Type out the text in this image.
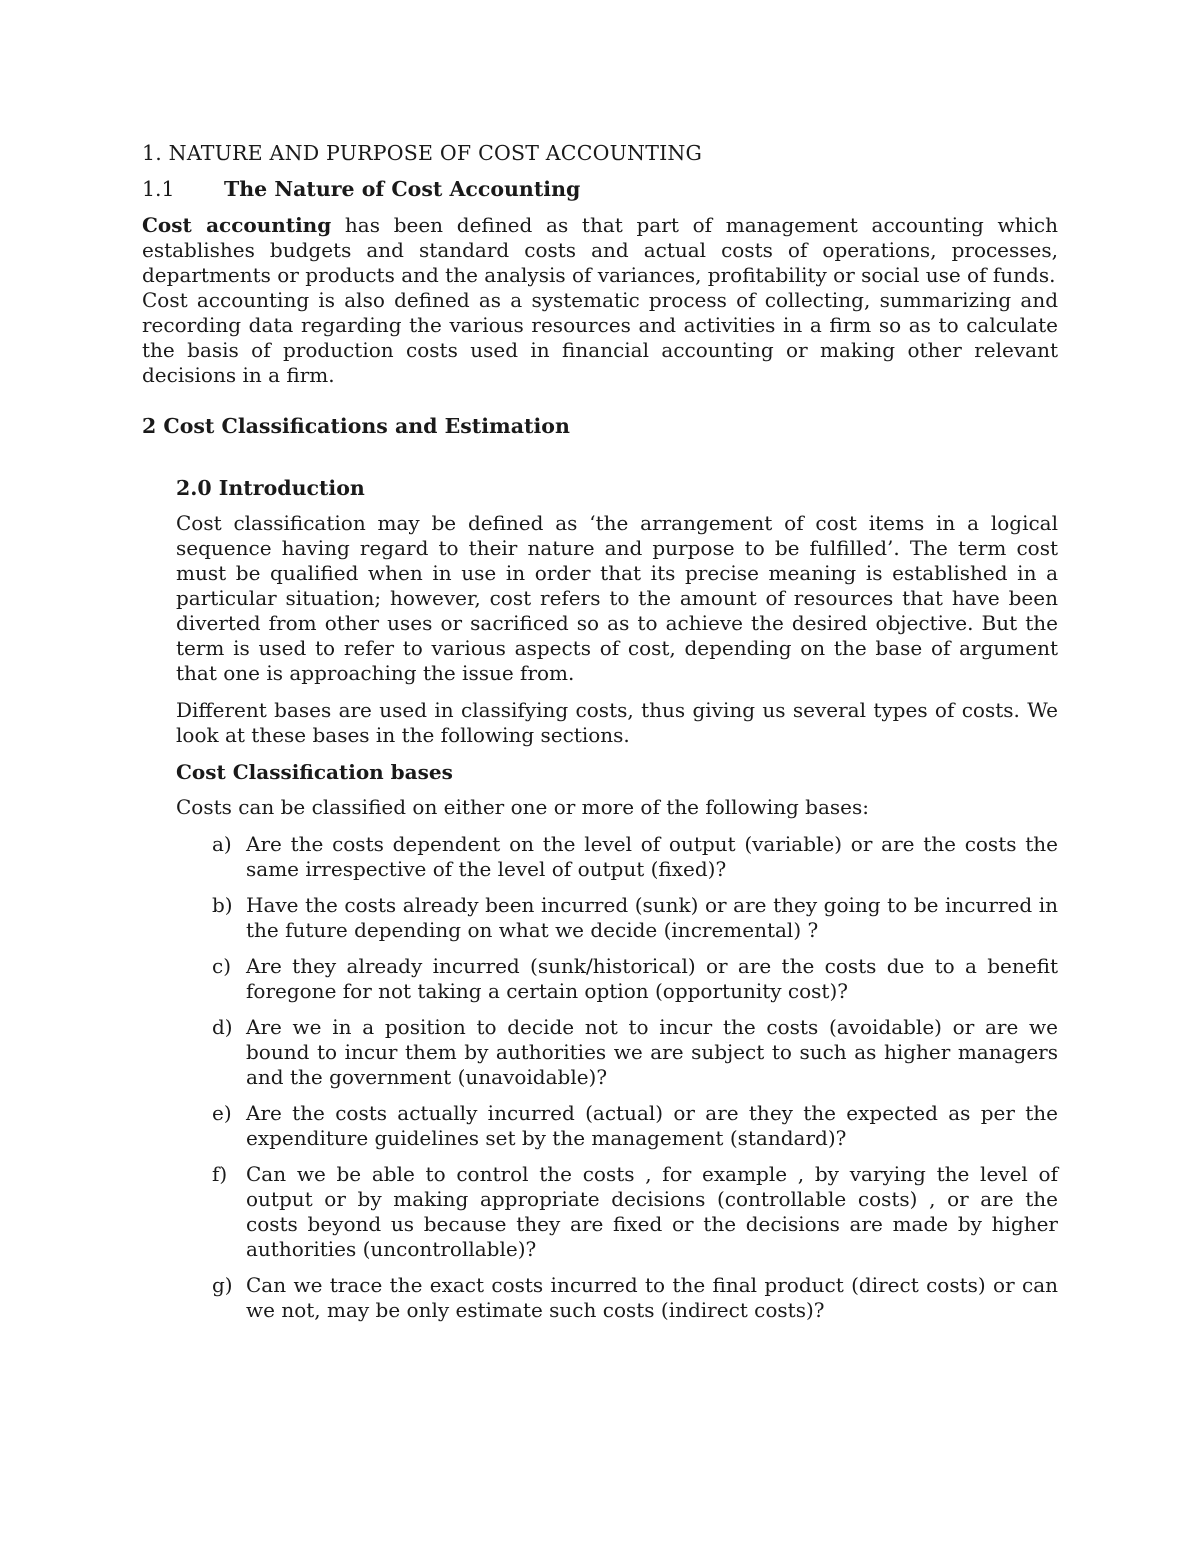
1. NATURE AND PURPOSE OF COST ACCOUNTING
1.1 The Nature of Cost Accounting

Cost accounting has been defined as that part of management accounting which establishes budgets and standard costs and actual costs of operations, processes, departments or products and the analysis of variances, profitability or social use of funds.

Cost accounting is also defined as a systematic process of collecting, summarizing and recording data regarding the various resources and activities in a firm so as to calculate the basis of production costs used in financial accounting or making other relevant decisions in a firm.

2 Cost Classifications and Estimation
2.0 Introduction

Cost classification may be defined as ‘the arrangement of cost items in a logical sequence having regard to their nature and purpose to be fulfilled’. The term cost must be qualified when in use in order that its precise meaning is established in a particular situation; however, cost refers to the amount of resources that have been diverted from other uses or sacrificed so as to achieve the desired objective. But the term is used to refer to various aspects of cost, depending on the base of argument that one is approaching the issue from.

Different bases are used in classifying costs, thus giving us several types of costs. We look at these bases in the following sections.

Cost Classification bases

Costs can be classified on either one or more of the following bases:

a) Are the costs dependent on the level of output (variable) or are the costs the same irrespective of the level of output (fixed)?
b) Have the costs already been incurred (sunk) or are they going to be incurred in the future depending on what we decide (incremental) ?
c) Are they already incurred (sunk/historical) or are the costs due to a benefit foregone for not taking a certain option (opportunity cost)?
d) Are we in a position to decide not to incur the costs (avoidable) or are we bound to incur them by authorities we are subject to such as higher managers and the government (unavoidable)?
e) Are the costs actually incurred (actual) or are they the expected as per the expenditure guidelines set by the management (standard)?
f) Can we be able to control the costs , for example , by varying the level of output or by making appropriate decisions (controllable costs) , or are the costs beyond us because they are fixed or the decisions are made by higher authorities (uncontrollable)?
g) Can we trace the exact costs incurred to the final product (direct costs) or can we not, may be only estimate such costs (indirect costs)?
